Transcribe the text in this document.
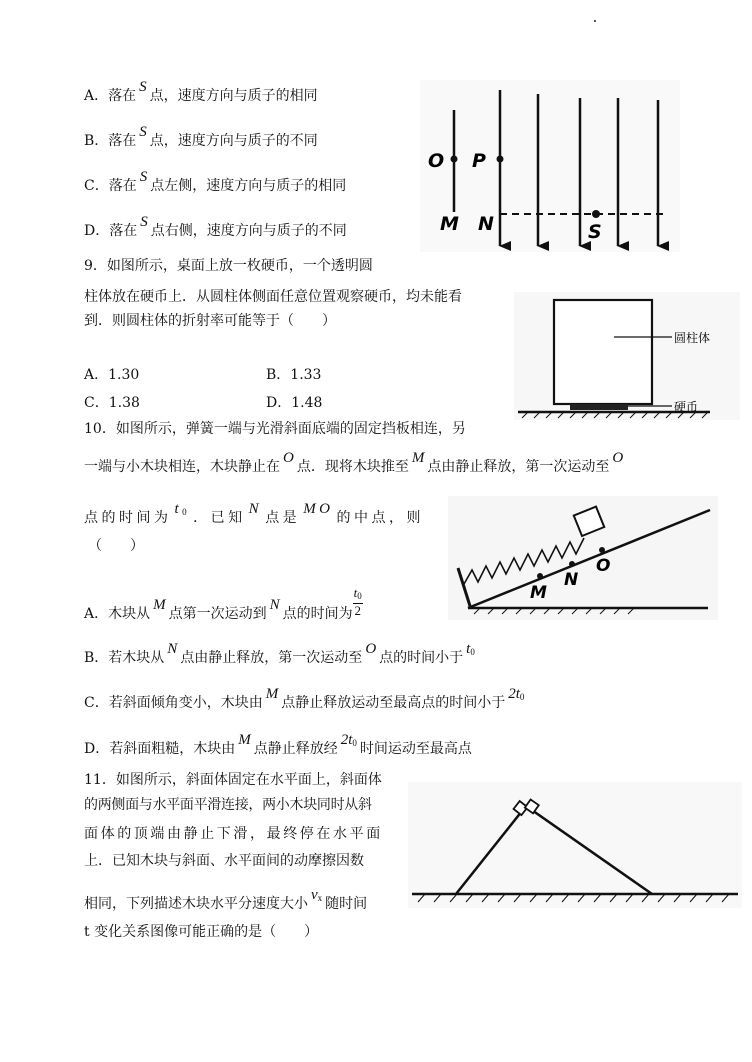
A．落在S点，速度方向与质子的相同
B．落在S点，速度方向与质子的不同
C．落在S点左侧，速度方向与质子的相同
D．落在S点右侧，速度方向与质子的不同
O P
M N	S
9．如图所示，桌面上放一枚硬币，一个透明圆
柱体放在硬币上．从圆柱体侧面任意位置观察硬币，均未能看
到．则圆柱体的折射率可能等于（　　）
A．1.30	B．1.33
C．1.38	D．1.48
圆柱体
硬币
10．如图所示，弹簧一端与光滑斜面底端的固定挡板相连，另
一端与小木块相连，木块静止在O点．现将木块推至M点由静止释放，第一次运动至O
点的时间为t0 ．已知N点是MO的中点，则
（　　）
A．木块从M点第一次运动到N点的时间为 $\frac{t0}{2}$
B．若木块从N点由静止释放，第一次运动至O点的时间小于t0
C．若斜面倾角变小，木块由M点静止释放运动至最高点的时间小于2t0
D．若斜面粗糙，木块由M点静止释放经2t0 时间运动至最高点
M
N
O
11．如图所示，斜面体固定在水平面上，斜面体
的两侧面与水平面平滑连接，两小木块同时从斜
面体的顶端由静止下滑，最终停在水平面
上．已知木块与斜面、水平面间的动摩擦因数
相同，下列描述木块水平分速度大小vx 随时间
t 变化关系图像可能正确的是（　　）
